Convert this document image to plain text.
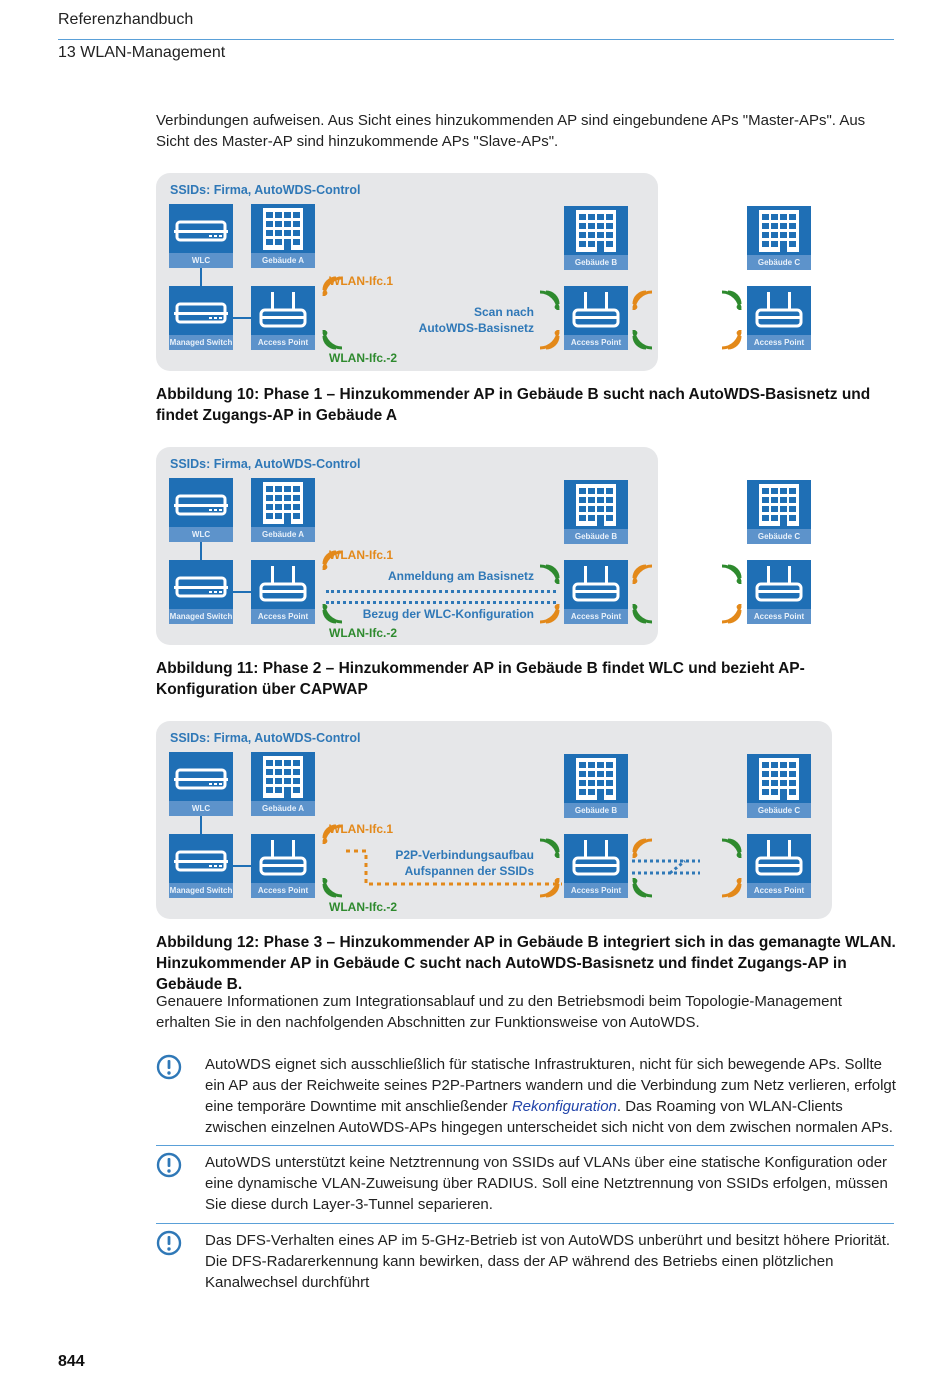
Referenzhandbuch
13 WLAN-Management
Verbindungen aufweisen. Aus Sicht eines hinzukommenden AP sind eingebundene APs "Master-APs". Aus Sicht des Master-AP sind hinzukommende APs "Slave-APs".
SSIDs: Firma, AutoWDS-Control
WLC	Gebäude A	Gebäude B	Gebäude C
Managed Switch	Access Point	Access Point	Access Point
WLAN-Ifc.1
WLAN-Ifc.-2
Scan nach
AutoWDS-Basisnetz
Abbildung 10: Phase 1 – Hinzukommender AP in Gebäude B sucht nach AutoWDS-Basisnetz und findet Zugangs-AP in Gebäude A
SSIDs: Firma, AutoWDS-Control
WLC	Gebäude A	Gebäude B	Gebäude C
Managed Switch	Access Point	Access Point	Access Point
WLAN-Ifc.1
WLAN-Ifc.-2
Anmeldung am Basisnetz
Bezug der WLC-Konfiguration
Abbildung 11: Phase 2 – Hinzukommender AP in Gebäude B findet WLC und bezieht AP-Konfiguration über CAPWAP
SSIDs: Firma, AutoWDS-Control
WLC	Gebäude A	Gebäude B	Gebäude C
Managed Switch	Access Point	Access Point	Access Point
WLAN-Ifc.1
WLAN-Ifc.-2
P2P-Verbindungsaufbau
Aufspannen der SSIDs
Abbildung 12: Phase 3 – Hinzukommender AP in Gebäude B integriert sich in das gemanagte WLAN.
Hinzukommender AP in Gebäude C sucht nach AutoWDS-Basisnetz und findet Zugangs-AP in Gebäude B.
Genauere Informationen zum Integrationsablauf und zu den Betriebsmodi beim Topologie-Management erhalten Sie in den nachfolgenden Abschnitten zur Funktionsweise von AutoWDS.
AutoWDS eignet sich ausschließlich für statische Infrastrukturen, nicht für sich bewegende APs. Sollte ein AP aus der Reichweite seines P2P-Partners wandern und die Verbindung zum Netz verlieren, erfolgt eine temporäre Downtime mit anschließender Rekonfiguration. Das Roaming von WLAN-Clients zwischen einzelnen AutoWDS-APs hingegen unterscheidet sich nicht von dem zwischen normalen APs.
AutoWDS unterstützt keine Netztrennung von SSIDs auf VLANs über eine statische Konfiguration oder eine dynamische VLAN-Zuweisung über RADIUS. Soll eine Netztrennung von SSIDs erfolgen, müssen Sie diese durch Layer-3-Tunnel separieren.
Das DFS-Verhalten eines AP im 5-GHz-Betrieb ist von AutoWDS unberührt und besitzt höhere Priorität. Die DFS-Radarerkennung kann bewirken, dass der AP während des Betriebs einen plötzlichen Kanalwechsel durchführt
844
